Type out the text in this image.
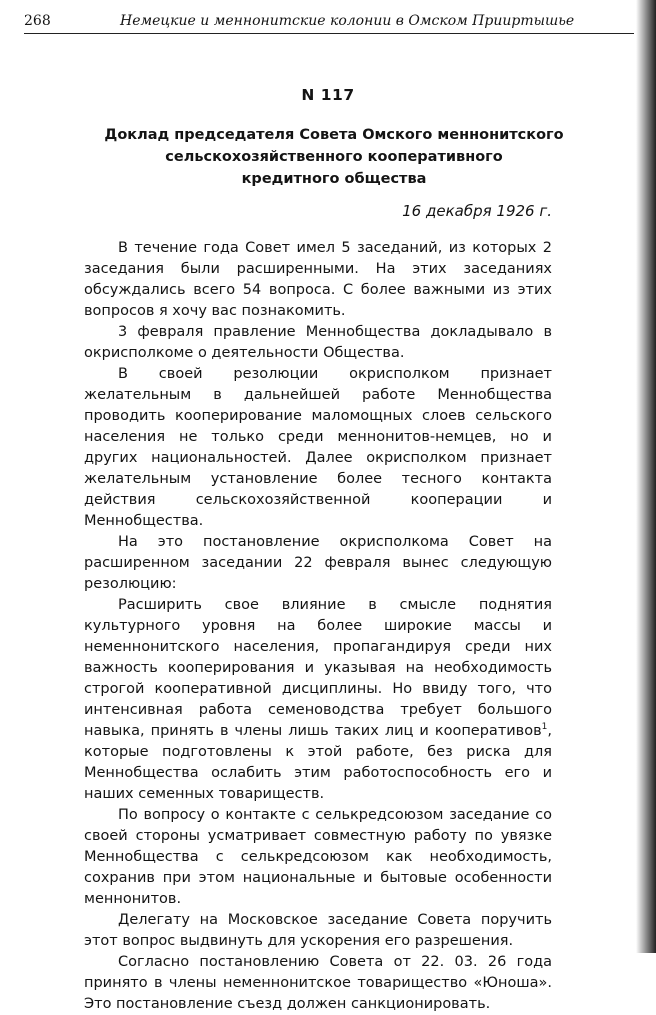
268	Немецкие и меннонитские колонии в Омском Прииртышье
N 117
Доклад председателя Совета Омского меннонитского
сельскохозяйственного кооперативного
кредитного общества
16 декабря 1926 г.

В течение года Совет имел 5 заседаний, из которых 2 заседания были расширенными. На этих заседаниях обсуждались всего 54 вопроса. С более важными из этих вопросов я хочу вас познакомить.

3 февраля правление Меннобщества докладывало в окрисполкоме о деятельности Общества.

В своей резолюции окрисполком признает желательным в дальнейшей работе Меннобщества проводить кооперирование маломощных слоев сельского населения не только среди меннонитов-немцев, но и других национальностей. Далее окрисполком признает желательным установление более тесного контакта действия сельскохозяйственной кооперации и Меннобщества.

На это постановление окрисполкома Совет на расширенном заседании 22 февраля вынес следующую резолюцию:

Расширить свое влияние в смысле поднятия культурного уровня на более широкие массы и неменнонитского населения, пропагандируя среди них важность кооперирования и указывая на необходимость строгой кооперативной дисциплины. Но ввиду того, что интенсивная работа семеноводства требует большого навыка, принять в члены лишь таких лиц и кооперативов$^1$, которые подготовлены к этой работе, без риска для Меннобщества ослабить этим работоспособность его и наших семенных товариществ.

По вопросу о контакте с селькредсоюзом заседание со своей стороны усматривает совместную работу по увязке Меннобщества с селькредсоюзом как необходимость, сохранив при этом национальные и бытовые особенности меннонитов.

Делегату на Московское заседание Совета поручить этот вопрос выдвинуть для ускорения его разрешения.

Согласно постановлению Совета от 22. 03. 26 года принято в члены неменнонитское товарищество «Юноша». Это постановление съезд должен санкционировать.
